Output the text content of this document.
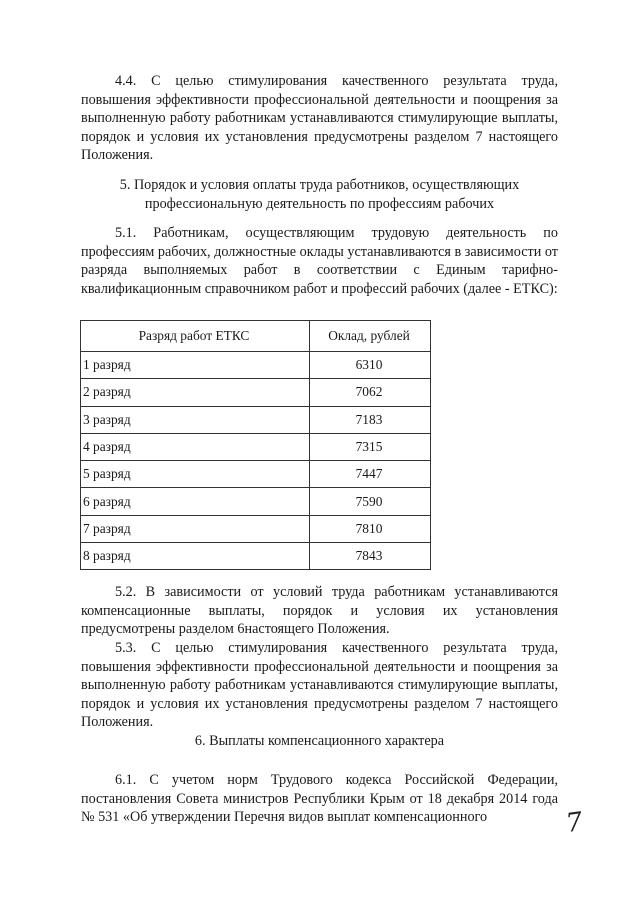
4.4. С целью стимулирования качественного результата труда, повышения эффективности профессиональной деятельности и поощрения за выполненную работу работникам устанавливаются стимулирующие выплаты, порядок и условия их установления предусмотрены разделом 7 настоящего Положения.
5. Порядок и условия оплаты труда работников, осуществляющих
профессиональную деятельность по профессиям рабочих
5.1. Работникам, осуществляющим трудовую деятельность по профессиям рабочих, должностные оклады устанавливаются в зависимости от разряда выполняемых работ в соответствии с Единым тарифно-квалификационным справочником работ и профессий рабочих (далее - ЕТКС):
Разряд работ ЕТКС	Оклад, рублей
1 разряд	6310
2 разряд	7062
3 разряд	7183
4 разряд	7315
5 разряд	7447
6 разряд	7590
7 разряд	7810
8 разряд	7843
5.2. В зависимости от условий труда работникам устанавливаются компенсационные выплаты, порядок и условия их установления предусмотрены разделом 6настоящего Положения.
5.3. С целью стимулирования качественного результата труда, повышения эффективности профессиональной деятельности и поощрения за выполненную работу работникам устанавливаются стимулирующие выплаты, порядок и условия их установления предусмотрены разделом 7 настоящего Положения.
6. Выплаты компенсационного характера
6.1. С учетом норм Трудового кодекса Российской Федерации, постановления Совета министров Республики Крым от 18 декабря 2014 года № 531 «Об утверждении Перечня видов выплат компенсационного	7
